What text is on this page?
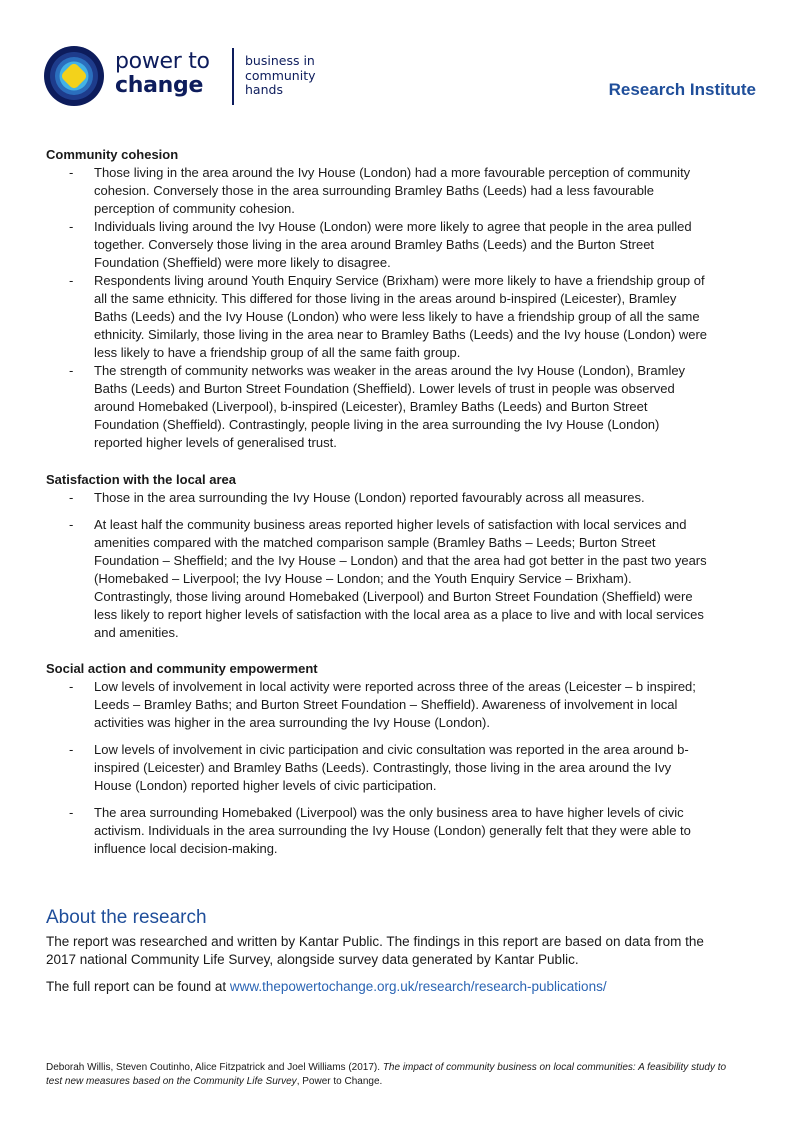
power to
change
business in
community
hands	Research Institute

Community cohesion

- Those living in the area around the Ivy House (London) had a more favourable perception of community cohesion. Conversely those in the area surrounding Bramley Baths (Leeds) had a less favourable perception of community cohesion.
- Individuals living around the Ivy House (London) were more likely to agree that people in the area pulled together. Conversely those living in the area around Bramley Baths (Leeds) and the Burton Street Foundation (Sheffield) were more likely to disagree.
- Respondents living around Youth Enquiry Service (Brixham) were more likely to have a friendship group of all the same ethnicity. This differed for those living in the areas around b-inspired (Leicester), Bramley Baths (Leeds) and the Ivy House (London) who were less likely to have a friendship group of all the same ethnicity. Similarly, those living in the area near to Bramley Baths (Leeds) and the Ivy house (London) were less likely to have a friendship group of all the same faith group.
- The strength of community networks was weaker in the areas around the Ivy House (London), Bramley Baths (Leeds) and Burton Street Foundation (Sheffield). Lower levels of trust in people was observed around Homebaked (Liverpool), b-inspired (Leicester), Bramley Baths (Leeds) and Burton Street Foundation (Sheffield). Contrastingly, people living in the area surrounding the Ivy House (London) reported higher levels of generalised trust.

Satisfaction with the local area

- Those in the area surrounding the Ivy House (London) reported favourably across all measures.
- At least half the community business areas reported higher levels of satisfaction with local services and amenities compared with the matched comparison sample (Bramley Baths – Leeds; Burton Street Foundation – Sheffield; and the Ivy House – London) and that the area had got better in the past two years (Homebaked – Liverpool; the Ivy House – London; and the Youth Enquiry Service – Brixham). Contrastingly, those living around Homebaked (Liverpool) and Burton Street Foundation (Sheffield) were less likely to report higher levels of satisfaction with the local area as a place to live and with local services and amenities.

Social action and community empowerment

- Low levels of involvement in local activity were reported across three of the areas (Leicester – b inspired; Leeds – Bramley Baths; and Burton Street Foundation – Sheffield). Awareness of involvement in local activities was higher in the area surrounding the Ivy House (London).
- Low levels of involvement in civic participation and civic consultation was reported in the area around b-inspired (Leicester) and Bramley Baths (Leeds). Contrastingly, those living in the area around the Ivy House (London) reported higher levels of civic participation.
- The area surrounding Homebaked (Liverpool) was the only business area to have higher levels of civic activism. Individuals in the area surrounding the Ivy House (London) generally felt that they were able to influence local decision-making.
About the research

The report was researched and written by Kantar Public. The findings in this report are based on data from the 2017 national Community Life Survey, alongside survey data generated by Kantar Public.

The full report can be found at www.thepowertochange.org.uk/research/research-publications/

Deborah Willis, Steven Coutinho, Alice Fitzpatrick and Joel Williams (2017). The impact of community business on local communities: A feasibility study to test new measures based on the Community Life Survey, Power to Change.
